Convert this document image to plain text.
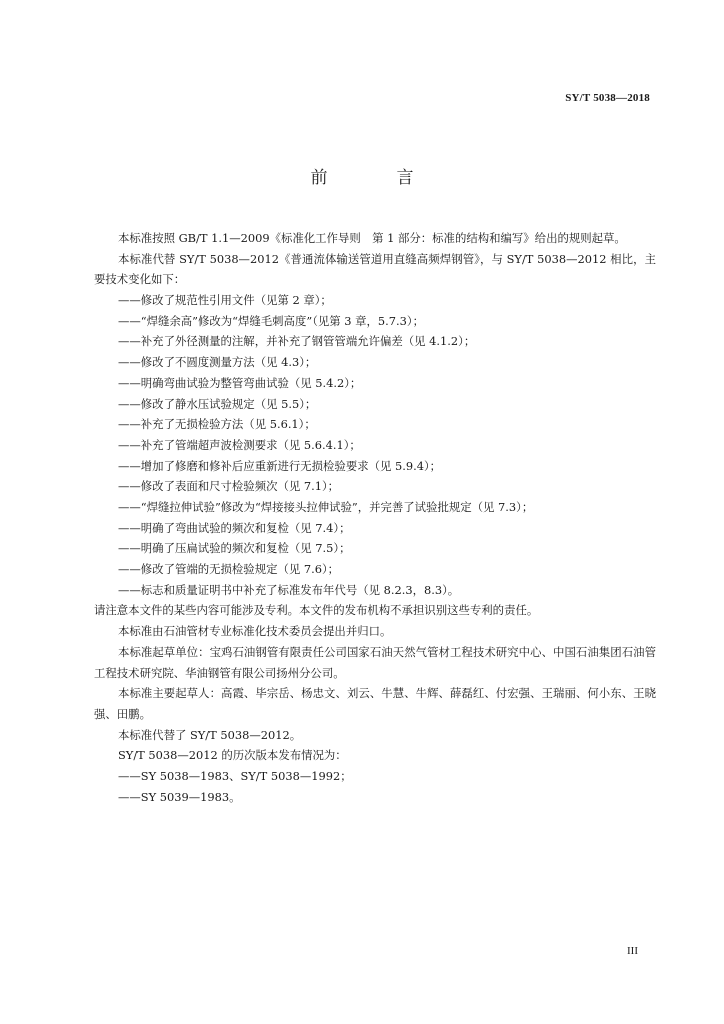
SY/T 5038—2018
前　言
本标准按照 GB/T 1.1—2009《标准化工作导则　第 1 部分：标准的结构和编写》给出的规则起草。
本标准代替 SY/T 5038—2012《普通流体输送管道用直缝高频焊钢管》，与 SY/T 5038—2012 相比，主要技术变化如下：
——修改了规范性引用文件（见第 2 章）；
——“焊缝余高”修改为“焊缝毛刺高度”（见第 3 章，5.7.3）；
——补充了外径测量的注解，并补充了钢管管端允许偏差（见 4.1.2）；
——修改了不圆度测量方法（见 4.3）；
——明确弯曲试验为整管弯曲试验（见 5.4.2）；
——修改了静水压试验规定（见 5.5）；
——补充了无损检验方法（见 5.6.1）；
——补充了管端超声波检测要求（见 5.6.4.1）；
——增加了修磨和修补后应重新进行无损检验要求（见 5.9.4）；
——修改了表面和尺寸检验频次（见 7.1）；
——“焊缝拉伸试验”修改为“焊接接头拉伸试验”，并完善了试验批规定（见 7.3）；
——明确了弯曲试验的频次和复检（见 7.4）；
——明确了压扁试验的频次和复检（见 7.5）；
——修改了管端的无损检验规定（见 7.6）；
——标志和质量证明书中补充了标准发布年代号（见 8.2.3，8.3）。
请注意本文件的某些内容可能涉及专利。本文件的发布机构不承担识别这些专利的责任。
本标准由石油管材专业标准化技术委员会提出并归口。
本标准起草单位：宝鸡石油钢管有限责任公司国家石油天然气管材工程技术研究中心、中国石油集团石油管工程技术研究院、华油钢管有限公司扬州分公司。
本标准主要起草人：高霞、毕宗岳、杨忠文、刘云、牛慧、牛辉、薛磊红、付宏强、王瑞丽、何小东、王晓强、田鹏。
本标准代替了 SY/T 5038—2012。
SY/T 5038—2012 的历次版本发布情况为：
——SY 5038—1983、SY/T 5038—1992；
——SY 5039—1983。
III
